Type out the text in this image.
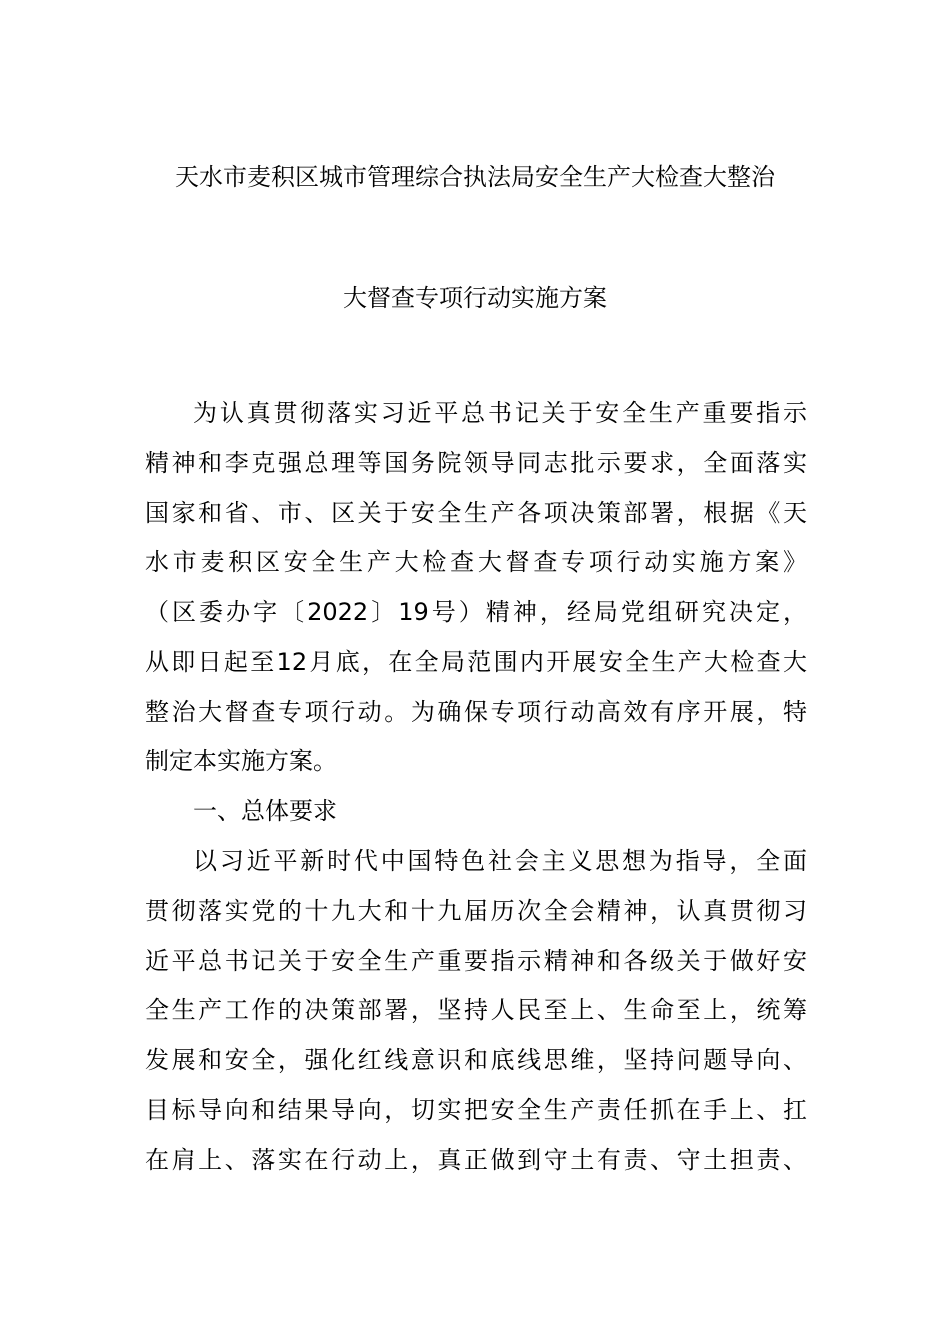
天水市麦积区城市管理综合执法局安全生产大检查大整治
大督查专项行动实施方案
为认真贯彻落实习近平总书记关于安全生产重要指示
精神和李克强总理等国务院领导同志批示要求，全面落实
国家和省、市、区关于安全生产各项决策部署，根据《天
水市麦积区安全生产大检查大督查专项行动实施方案》
（区委办字〔2022〕19号）精神，经局党组研究决定，
从即日起至12月底，在全局范围内开展安全生产大检查大
整治大督查专项行动。为确保专项行动高效有序开展，特
制定本实施方案。
一、总体要求
以习近平新时代中国特色社会主义思想为指导，全面
贯彻落实党的十九大和十九届历次全会精神，认真贯彻习
近平总书记关于安全生产重要指示精神和各级关于做好安
全生产工作的决策部署，坚持人民至上、生命至上，统筹
发展和安全，强化红线意识和底线思维，坚持问题导向、
目标导向和结果导向，切实把安全生产责任抓在手上、扛
在肩上、落实在行动上，真正做到守土有责、守土担责、
